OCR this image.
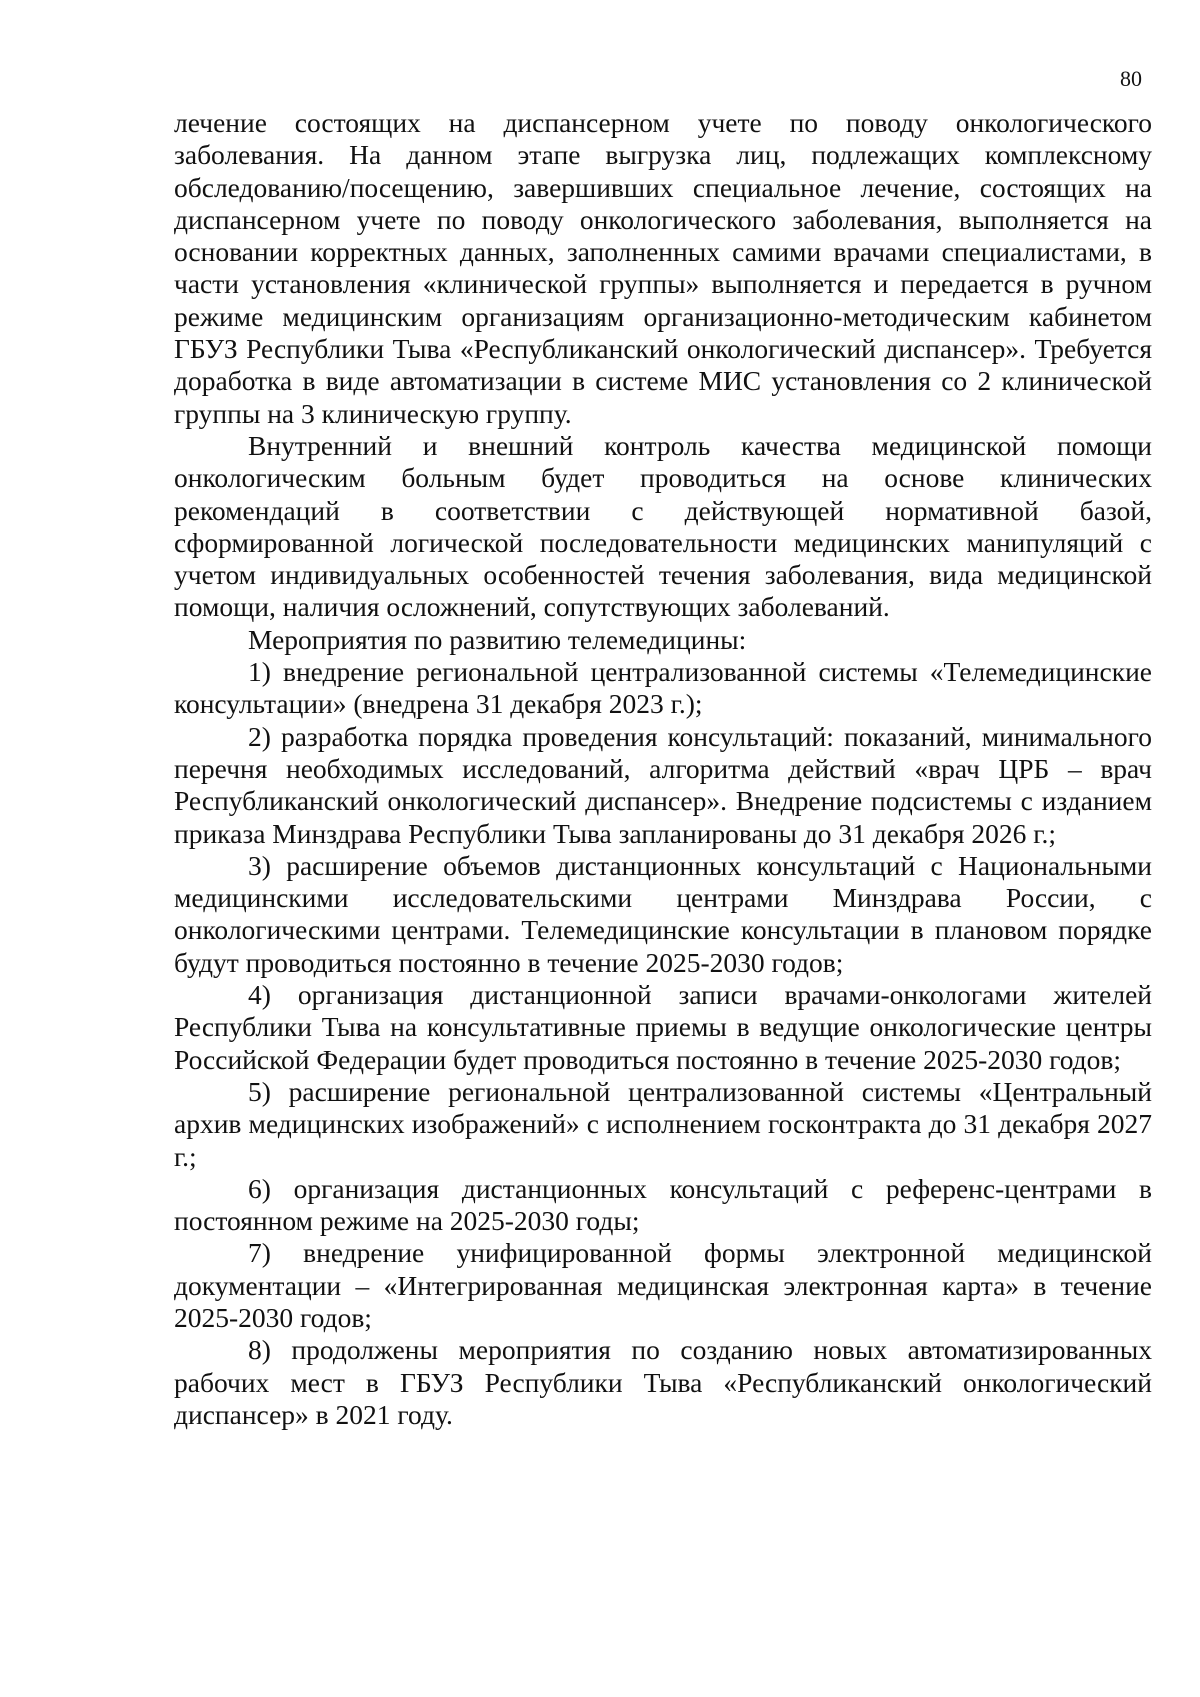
80

лечение состоящих на диспансерном учете по поводу онкологического заболевания. На данном этапе выгрузка лиц, подлежащих комплексному обследованию/посещению, завершивших специальное лечение, состоящих на диспансерном учете по поводу онкологического заболевания, выполняется на основании корректных данных, заполненных самими врачами специалистами, в части установления «клинической группы» выполняется и передается в ручном режиме медицинским организациям организационно-методическим кабинетом ГБУЗ Республики Тыва «Республиканский онкологический диспансер». Требуется доработка в виде автоматизации в системе МИС установления со 2 клинической группы на 3 клиническую группу.

Внутренний и внешний контроль качества медицинской помощи онкологическим больным будет проводиться на основе клинических рекомендаций в соответствии с действующей нормативной базой, сформированной логической последовательности медицинских манипуляций с учетом индивидуальных особенностей течения заболевания, вида медицинской помощи, наличия осложнений, сопутствующих заболеваний.

Мероприятия по развитию телемедицины:

1) внедрение региональной централизованной системы «Телемедицинские консультации» (внедрена 31 декабря 2023 г.);

2) разработка порядка проведения консультаций: показаний, минимального перечня необходимых исследований, алгоритма действий «врач ЦРБ – врач Республиканский онкологический диспансер». Внедрение подсистемы с изданием приказа Минздрава Республики Тыва запланированы до 31 декабря 2026 г.;

3) расширение объемов дистанционных консультаций с Национальными медицинскими исследовательскими центрами Минздрава России, с онкологическими центрами. Телемедицинские консультации в плановом порядке будут проводиться постоянно в течение 2025-2030 годов;

4) организация дистанционной записи врачами-онкологами жителей Республики Тыва на консультативные приемы в ведущие онкологические центры Российской Федерации будет проводиться постоянно в течение 2025-2030 годов;

5) расширение региональной централизованной системы «Центральный архив медицинских изображений» с исполнением госконтракта до 31 декабря 2027 г.;

6) организация дистанционных консультаций с референс-центрами в постоянном режиме на 2025-2030 годы;

7) внедрение унифицированной формы электронной медицинской документации – «Интегрированная медицинская электронная карта» в течение 2025-2030 годов;

8) продолжены мероприятия по созданию новых автоматизированных рабочих мест в ГБУЗ Республики Тыва «Республиканский онкологический диспансер» в 2021 году.
